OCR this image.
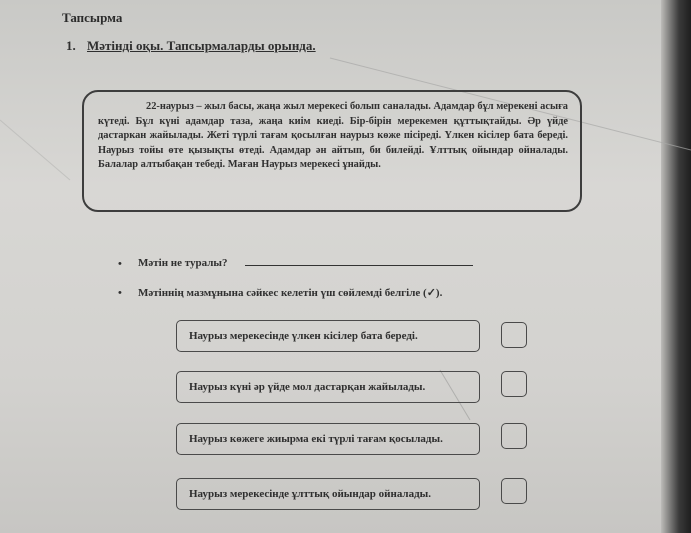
Тапсырма
1. Мәтінді оқы. Тапсырмаларды орында.
22-наурыз – жыл басы, жаңа жыл мерекесі болып саналады. Адамдар бұл мерекені асыға күтеді. Бұл күні адамдар таза, жаңа киім киеді. Бір-бірін мерекемен құттықтайды. Әр үйде дастаркан жайылады. Жеті түрлі тағам қосылған наурыз көже пісіреді. Үлкен кісілер бата береді. Наурыз тойы өте қызықты өтеді. Адамдар ән айтып, би билейді. Ұлттық ойындар ойналады. Балалар алтыбақан тебеді. Маған Наурыз мерекесі ұнайды.
• Мәтін не туралы?
• Мәтіннің мазмұнына сәйкес келетін үш сөйлемді белгіле (✓).
Наурыз мерекесінде үлкен кісілер бата береді.
Наурыз күні әр үйде мол дастарқан жайылады.
Наурыз көжеге жиырма екі түрлі тағам қосылады.
Наурыз мерекесінде ұлттық ойындар ойналады.
